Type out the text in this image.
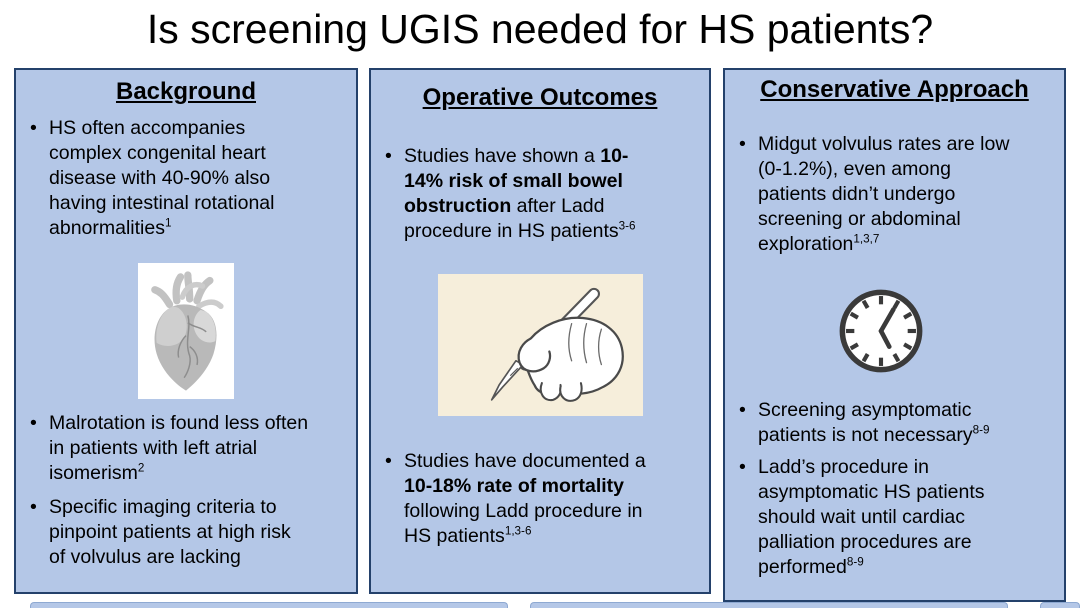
Is screening UGIS needed for HS patients?
Background
• HS often accompanies
complex congenital heart
disease with 40-90% also
having intestinal rotational
abnormalities$^1$
• Malrotation is found less often
in patients with left atrial
isomerism$^2$
• Specific imaging criteria to
pinpoint patients at high risk
of volvulus are lacking
Operative Outcomes
• Studies have shown a 10-
14% risk of small bowel
obstruction after Ladd
procedure in HS patients$^{3-6}$
• Studies have documented a
10-18% rate of mortality
following Ladd procedure in
HS patients$^{1,3-6}$
Conservative Approach
• Midgut volvulus rates are low
(0-1.2%), even among
patients didn’t undergo
screening or abdominal
exploration$^{1,3,7}$
• Screening asymptomatic
patients is not necessary$^{8-9}$
• Ladd’s procedure in
asymptomatic HS patients
should wait until cardiac
palliation procedures are
performed$^{8-9}$
